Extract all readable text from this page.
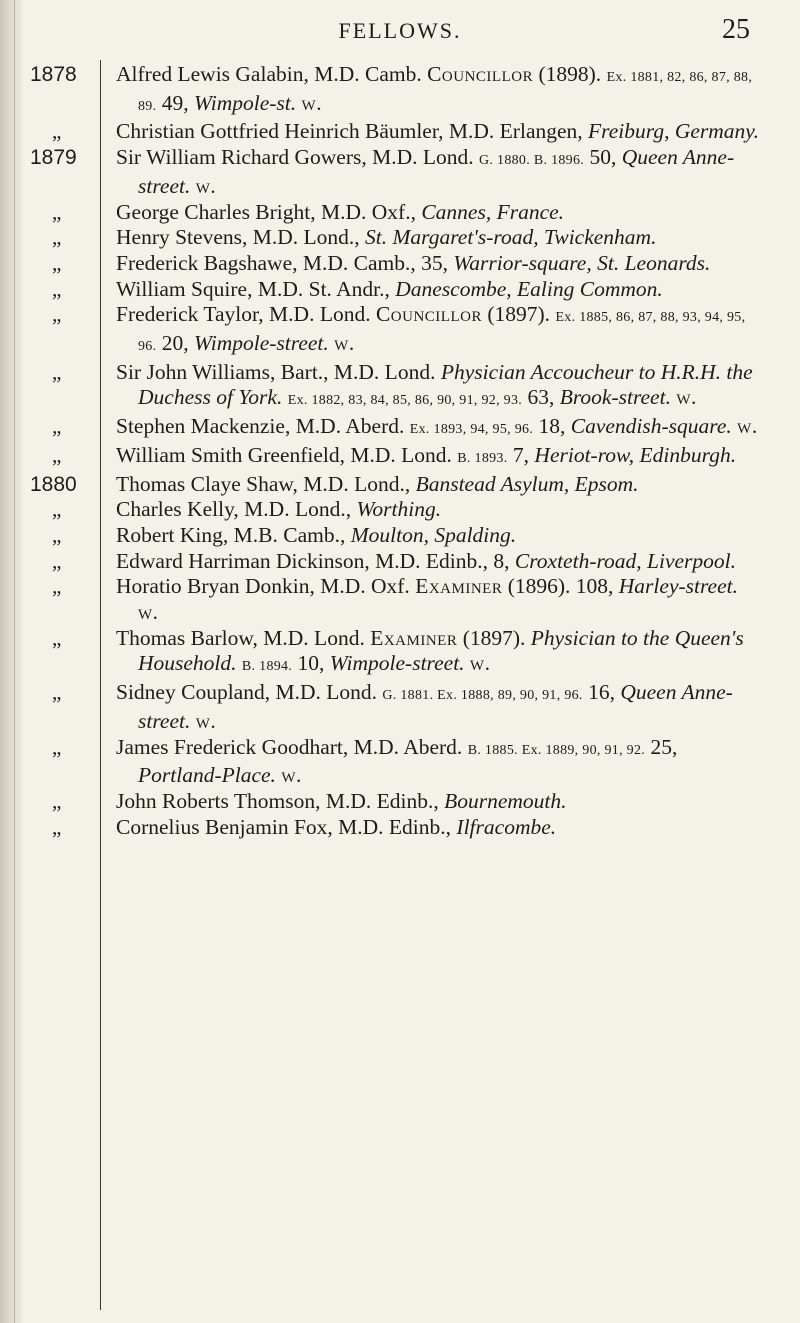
FELLOWS.	25
1878	Alfred Lewis Galabin, M.D. Camb. Councillor (1898). Ex. 1881, 82, 86, 87, 88, 89. 49, Wimpole-st. w.
„	Christian Gottfried Heinrich Bäumler, M.D. Erlangen, Freiburg, Germany.
1879	Sir William Richard Gowers, M.D. Lond. G. 1880. B. 1896. 50, Queen Anne-street. w.
„	George Charles Bright, M.D. Oxf., Cannes, France.
„	Henry Stevens, M.D. Lond., St. Margaret's-road, Twickenham.
„	Frederick Bagshawe, M.D. Camb., 35, Warrior-square, St. Leonards.
„	William Squire, M.D. St. Andr., Danescombe, Ealing Common.
„	Frederick Taylor, M.D. Lond. Councillor (1897). Ex. 1885, 86, 87, 88, 93, 94, 95, 96. 20, Wimpole-street. w.
„	Sir John Williams, Bart., M.D. Lond. Physician Accoucheur to H.R.H. the Duchess of York. Ex. 1882, 83, 84, 85, 86, 90, 91, 92, 93. 63, Brook-street. w.
„	Stephen Mackenzie, M.D. Aberd. Ex. 1893, 94, 95, 96. 18, Cavendish-square. w.
„	William Smith Greenfield, M.D. Lond. B. 1893. 7, Heriot-row, Edinburgh.
1880	Thomas Claye Shaw, M.D. Lond., Banstead Asylum, Epsom.
„	Charles Kelly, M.D. Lond., Worthing.
„	Robert King, M.B. Camb., Moulton, Spalding.
„	Edward Harriman Dickinson, M.D. Edinb., 8, Croxteth-road, Liverpool.
„	Horatio Bryan Donkin, M.D. Oxf. Examiner (1896). 108, Harley-street. w.
„	Thomas Barlow, M.D. Lond. Examiner (1897). Physician to the Queen's Household. B. 1894. 10, Wimpole-street. w.
„	Sidney Coupland, M.D. Lond. G. 1881. Ex. 1888, 89, 90, 91, 96. 16, Queen Anne-street. w.
„	James Frederick Goodhart, M.D. Aberd. B. 1885. Ex. 1889, 90, 91, 92. 25, Portland-Place. w.
„	John Roberts Thomson, M.D. Edinb., Bournemouth.
„	Cornelius Benjamin Fox, M.D. Edinb., Ilfracombe.
